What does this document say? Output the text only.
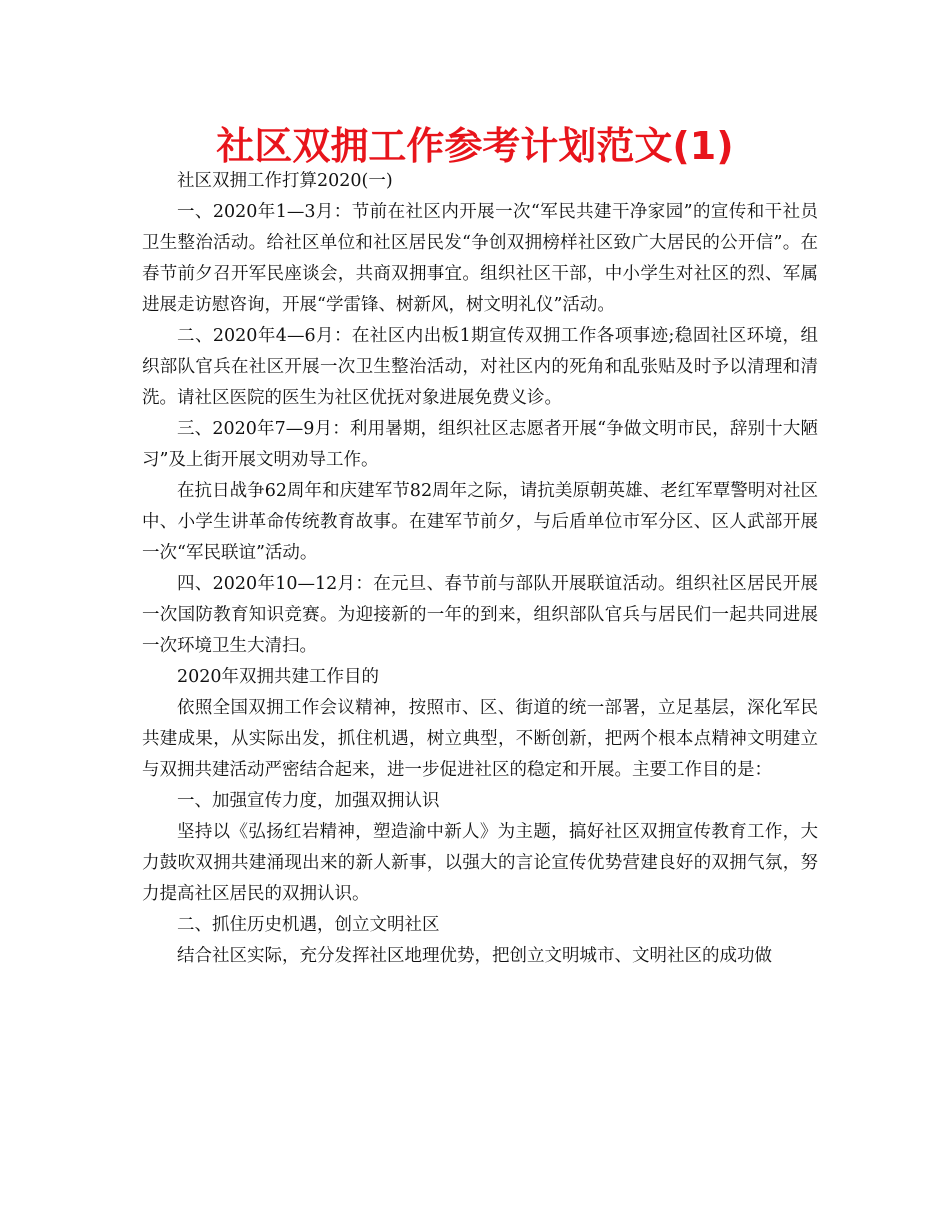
社区双拥工作参考计划范文(1)

社区双拥工作打算2020(一)

一、2020年1—3月：节前在社区内开展一次“军民共建干净家园”的宣传和干社员卫生整治活动。给社区单位和社区居民发“争创双拥榜样社区致广大居民的公开信”。在春节前夕召开军民座谈会，共商双拥事宜。组织社区干部，中小学生对社区的烈、军属进展走访慰咨询，开展“学雷锋、树新风，树文明礼仪”活动。

二、2020年4—6月：在社区内出板1期宣传双拥工作各项事迹;稳固社区环境，组织部队官兵在社区开展一次卫生整治活动，对社区内的死角和乱张贴及时予以清理和清洗。请社区医院的医生为社区优抚对象进展免费义诊。

三、2020年7—9月：利用暑期，组织社区志愿者开展“争做文明市民，辞别十大陋习”及上街开展文明劝导工作。

在抗日战争62周年和庆建军节82周年之际，请抗美原朝英雄、老红军覃警明对社区中、小学生讲革命传统教育故事。在建军节前夕，与后盾单位市军分区、区人武部开展一次“军民联谊”活动。

四、2020年10—12月：在元旦、春节前与部队开展联谊活动。组织社区居民开展一次国防教育知识竞赛。为迎接新的一年的到来，组织部队官兵与居民们一起共同进展一次环境卫生大清扫。

2020年双拥共建工作目的

依照全国双拥工作会议精神，按照市、区、街道的统一部署，立足基层，深化军民共建成果，从实际出发，抓住机遇，树立典型，不断创新，把两个根本点精神文明建立与双拥共建活动严密结合起来，进一步促进社区的稳定和开展。主要工作目的是：

一、加强宣传力度，加强双拥认识

坚持以《弘扬红岩精神，塑造渝中新人》为主题，搞好社区双拥宣传教育工作，大力鼓吹双拥共建涌现出来的新人新事，以强大的言论宣传优势营建良好的双拥气氛，努力提高社区居民的双拥认识。

二、抓住历史机遇，创立文明社区

结合社区实际，充分发挥社区地理优势，把创立文明城市、文明社区的成功做
